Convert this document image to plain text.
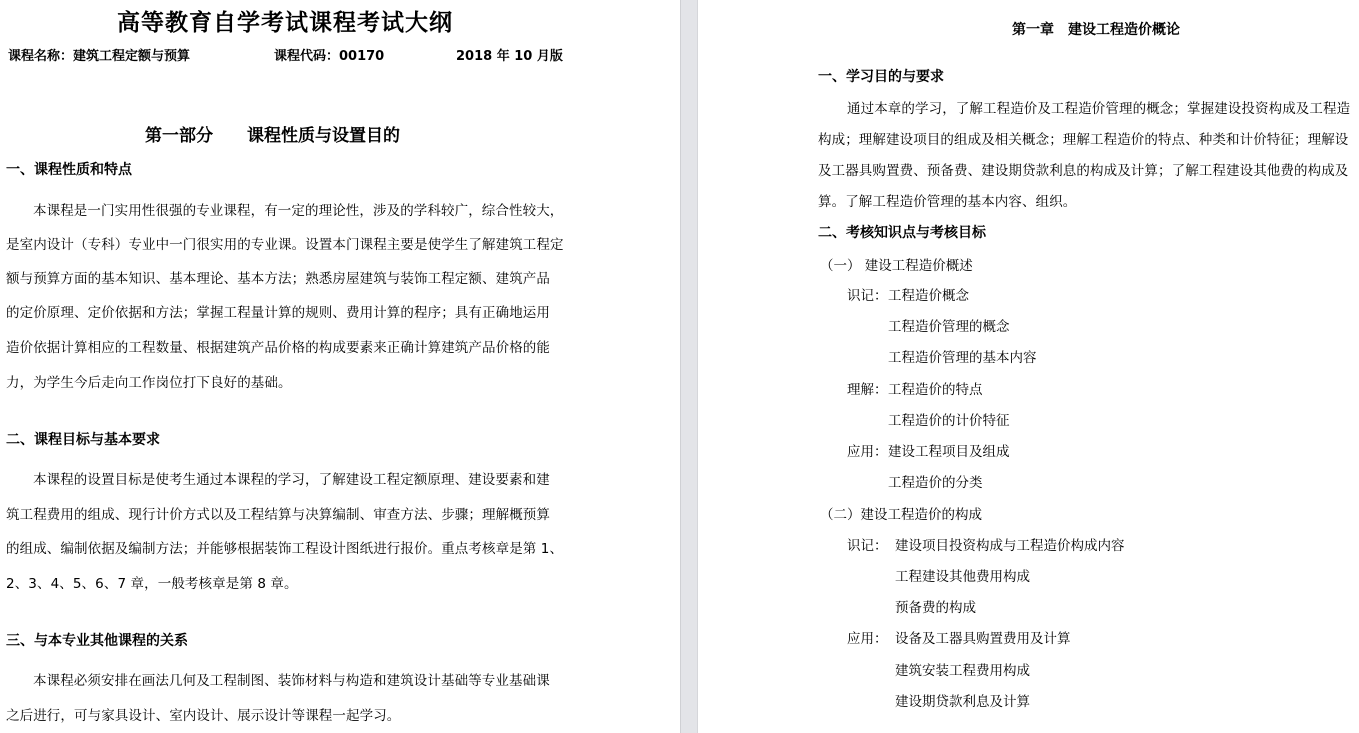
高等教育自学考试课程考试大纲
课程名称：建筑工程定额与预算	课程代码：00170	2018 年 10 月版
第一部分　　课程性质与设置目的
一、课程性质和特点
本课程是一门实用性很强的专业课程，有一定的理论性，涉及的学科较广，综合性较大，
是室内设计（专科）专业中一门很实用的专业课。设置本门课程主要是使学生了解建筑工程定
额与预算方面的基本知识、基本理论、基本方法；熟悉房屋建筑与装饰工程定额、建筑产品
的定价原理、定价依据和方法；掌握工程量计算的规则、费用计算的程序；具有正确地运用
造价依据计算相应的工程数量、根据建筑产品价格的构成要素来正确计算建筑产品价格的能
力，为学生今后走向工作岗位打下良好的基础。
二、课程目标与基本要求
本课程的设置目标是使考生通过本课程的学习，了解建设工程定额原理、建设要素和建
筑工程费用的组成、现行计价方式以及工程结算与决算编制、审查方法、步骤；理解概预算
的组成、编制依据及编制方法；并能够根据装饰工程设计图纸进行报价。重点考核章是第 1、
2、3、4、5、6、7 章，一般考核章是第 8 章。
三、与本专业其他课程的关系
本课程必须安排在画法几何及工程制图、装饰材料与构造和建筑设计基础等专业基础课
之后进行，可与家具设计、室内设计、展示设计等课程一起学习。
第一章　建设工程造价概论
一、学习目的与要求
通过本章的学习，了解工程造价及工程造价管理的概念；掌握建设投资构成及工程造
构成；理解建设项目的组成及相关概念；理解工程造价的特点、种类和计价特征；理解设
及工器具购置费、预备费、建设期贷款利息的构成及计算；了解工程建设其他费的构成及
算。了解工程造价管理的基本内容、组织。
二、考核知识点与考核目标
（一） 建设工程造价概述
识记： 工程造价概念
工程造价管理的概念
工程造价管理的基本内容
理解： 工程造价的特点
工程造价的计价特征
应用： 建设工程项目及组成
工程造价的分类
（二）建设工程造价的构成
识记： 建设项目投资构成与工程造价构成内容
工程建设其他费用构成
预备费的构成
应用： 设备及工器具购置费用及计算
建筑安装工程费用构成
建设期贷款利息及计算
